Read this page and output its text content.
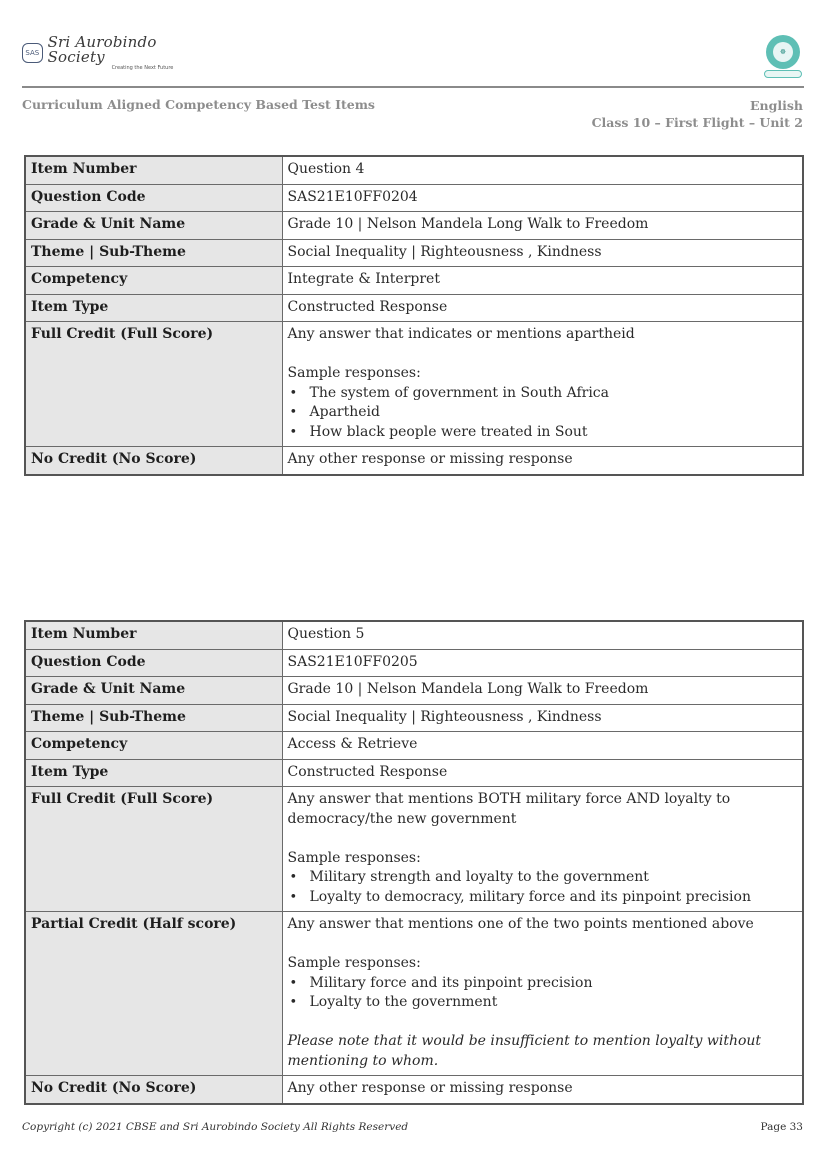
SAS
Sri Aurobindo Society
Creating the Next Future
☸
Curriculum Aligned Competency Based Test Items	English
Class 10 – First Flight – Unit 2
Item Number	Question 4
Question Code	SAS21E10FF0204
Grade & Unit Name	Grade 10 | Nelson Mandela Long Walk to Freedom
Theme | Sub-Theme	Social Inequality | Righteousness , Kindness
Competency	Integrate & Interpret
Item Type	Constructed Response
Full Credit (Full Score)	Any answer that indicates or mentions apartheid
Sample responses:
• The system of government in South Africa
• Apartheid
• How black people were treated in Sout

No Credit (No Score)	Any other response or missing response
Item Number	Question 5
Question Code	SAS21E10FF0205
Grade & Unit Name	Grade 10 | Nelson Mandela Long Walk to Freedom
Theme | Sub-Theme	Social Inequality | Righteousness , Kindness
Competency	Access & Retrieve
Item Type	Constructed Response
Full Credit (Full Score)	Any answer that mentions BOTH military force AND loyalty to democracy/the new government
Sample responses:
• Military strength and loyalty to the government
• Loyalty to democracy, military force and its pinpoint precision

Partial Credit (Half score)	Any answer that mentions one of the two points mentioned above
Sample responses:
• Military force and its pinpoint precision
• Loyalty to the government
Please note that it would be insufficient to mention loyalty without mentioning to whom.

No Credit (No Score)	Any other response or missing response
Copyright (c) 2021 CBSE and Sri Aurobindo Society All Rights Reserved	Page 33
